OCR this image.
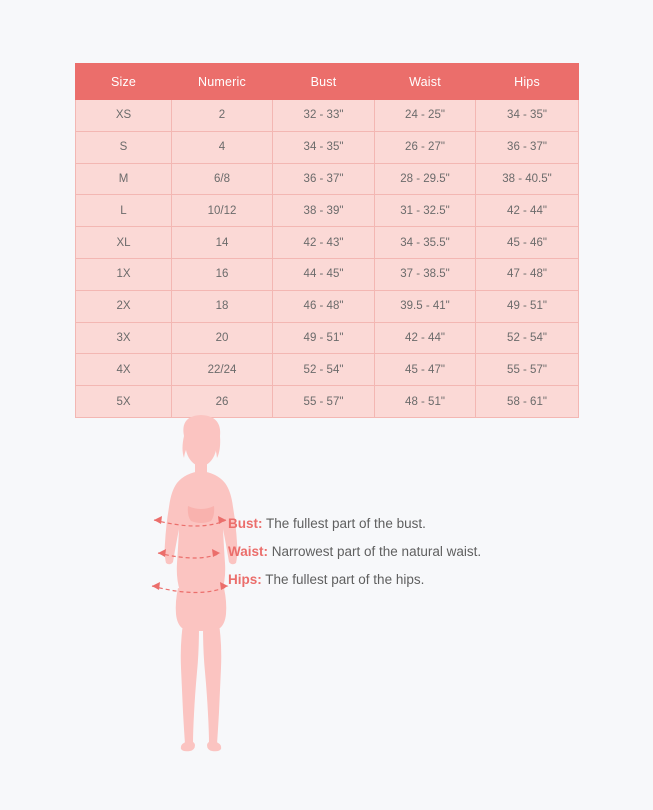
Size	Numeric	Bust	Waist	Hips
XS	2	32 - 33"	24 - 25"	34 - 35"
S	4	34 - 35"	26 - 27"	36 - 37"
M	6/8	36 - 37"	28 - 29.5"	38 - 40.5"
L	10/12	38 - 39"	31 - 32.5"	42 - 44"
XL	14	42 - 43"	34 - 35.5"	45 - 46"
1X	16	44 - 45"	37 - 38.5"	47 - 48"
2X	18	46 - 48"	39.5 - 41"	49 - 51"
3X	20	49 - 51"	42 - 44"	52 - 54"
4X	22/24	52 - 54"	45 - 47"	55 - 57"
5X	26	55 - 57"	48 - 51"	58 - 61"
Bust: The fullest part of the bust.
Waist: Narrowest part of the natural waist.
Hips: The fullest part of the hips.
